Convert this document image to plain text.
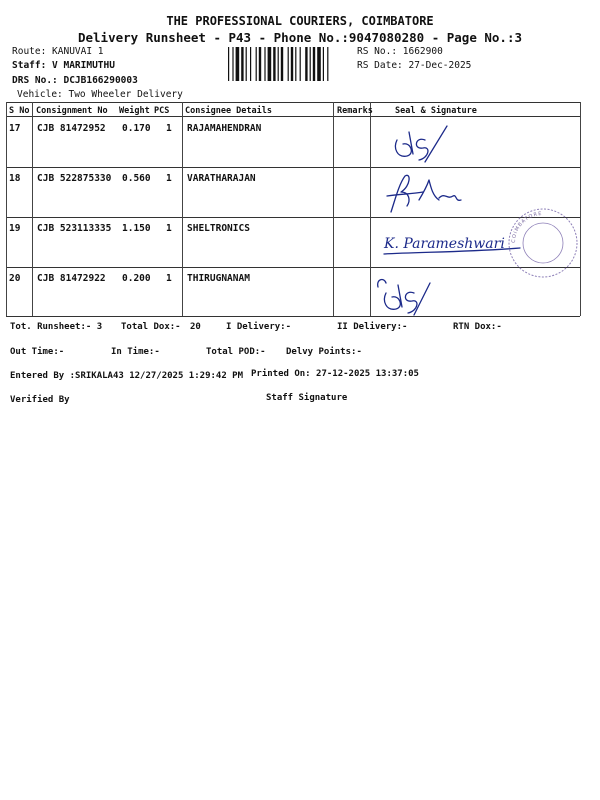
THE PROFESSIONAL COURIERS, COIMBATORE
Delivery Runsheet - P43 - Phone No.:9047080280 - Page No.:3
Route: KANUVAI 1
Staff: V MARIMUTHU
DRS No.: DCJB166290003
Vehicle: Two Wheeler Delivery
RS No.: 1662900
RS Date: 27-Dec-2025
S No Consignment No Weight PCS Consignee Details	Remarks	Seal & Signature
17 CJB 81472952 0.170 1 RAJAMAHENDRAN
18 CJB 522875330 0.560 1 VARATHARAJAN
19 CJB 523113335 1.150 1 SHELTRONICS
20 CJB 81472922 0.200 1 THIRUGNANAM
K. Parameshwari COIMBATORE
Tot. Runsheet:- 3 Total Dox:- 20	I Delivery:-	II Delivery:-	RTN Dox:-
Out Time:-	In Time:-	Total POD:- Delvy Points:-
Entered By :SRIKALA43 12/27/2025 1:29:42 PM Printed On: 27-12-2025 13:37:05
Verified By	Staff Signature
